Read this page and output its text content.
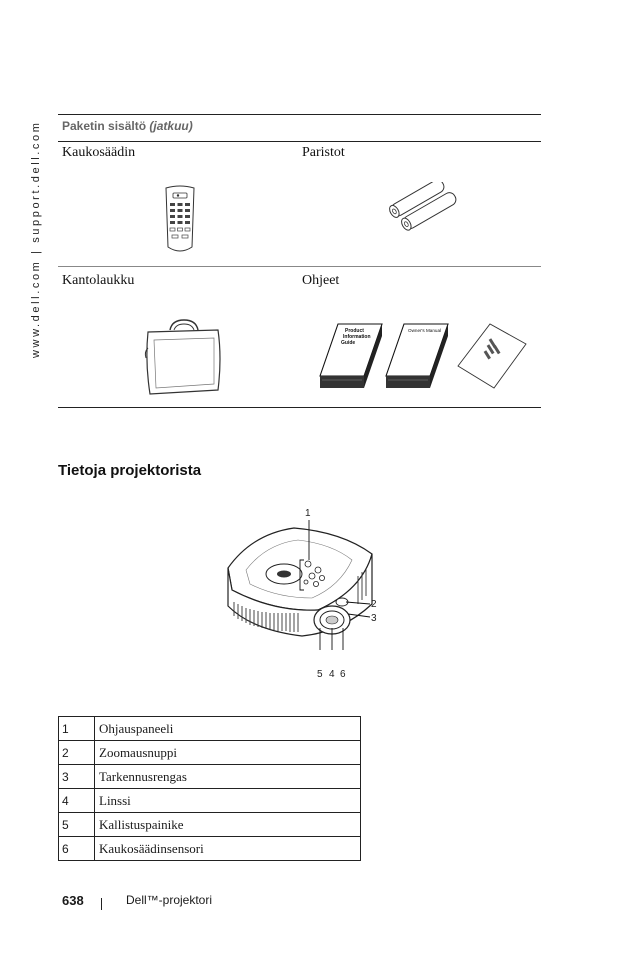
www.dell.com | support.dell.com	Paketin sisältö (jatkuu)
Kaukosäädin	Paristot
Kantolaukku	Ohjeet
Product
Information
Guide
Owner's Manual
Tietoja projektorista
1
2
3
5 4 6
1	Ohjauspaneeli
2	Zoomausnuppi
3	Tarkennusrengas
4	Linssi
5	Kallistuspainike
6	Kaukosäädinsensori
638	Dell™-projektori
